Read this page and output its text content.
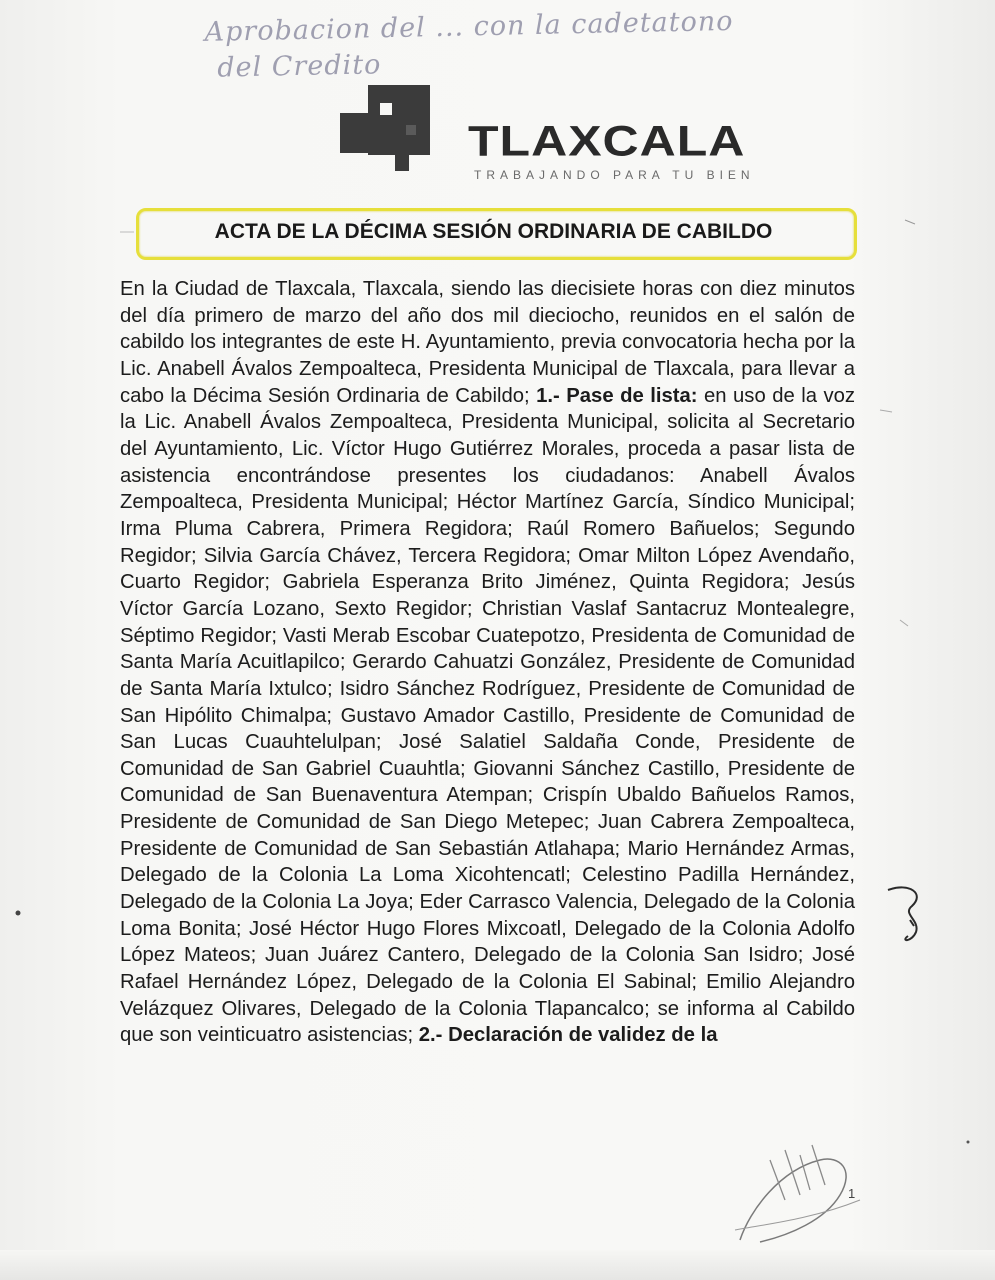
Aprobacion del ... con la cadetatono
del Credito
TLAXCALA
TRABAJANDO PARA TU BIEN
ACTA DE LA DÉCIMA SESIÓN ORDINARIA DE CABILDO
En la Ciudad de Tlaxcala, Tlaxcala, siendo las diecisiete horas con diez minutos del día primero de marzo del año dos mil dieciocho, reunidos en el salón de cabildo los integrantes de este H. Ayuntamiento, previa convocatoria hecha por la Lic. Anabell Ávalos Zempoalteca, Presidenta Municipal de Tlaxcala, para llevar a cabo la Décima Sesión Ordinaria de Cabildo; 1.- Pase de lista: en uso de la voz la Lic. Anabell Ávalos Zempoalteca, Presidenta Municipal, solicita al Secretario del Ayuntamiento, Lic. Víctor Hugo Gutiérrez Morales, proceda a pasar lista de asistencia encontrándose presentes los ciudadanos: Anabell Ávalos Zempoalteca, Presidenta Municipal; Héctor Martínez García, Síndico Municipal; Irma Pluma Cabrera, Primera Regidora; Raúl Romero Bañuelos; Segundo Regidor; Silvia García Chávez, Tercera Regidora; Omar Milton López Avendaño, Cuarto Regidor; Gabriela Esperanza Brito Jiménez, Quinta Regidora; Jesús Víctor García Lozano, Sexto Regidor; Christian Vaslaf Santacruz Montealegre, Séptimo Regidor; Vasti Merab Escobar Cuatepotzo, Presidenta de Comunidad de Santa María Acuitlapilco; Gerardo Cahuatzi González, Presidente de Comunidad de Santa María Ixtulco; Isidro Sánchez Rodríguez, Presidente de Comunidad de San Hipólito Chimalpa; Gustavo Amador Castillo, Presidente de Comunidad de San Lucas Cuauhtelulpan; José Salatiel Saldaña Conde, Presidente de Comunidad de San Gabriel Cuauhtla; Giovanni Sánchez Castillo, Presidente de Comunidad de San Buenaventura Atempan; Crispín Ubaldo Bañuelos Ramos, Presidente de Comunidad de San Diego Metepec; Juan Cabrera Zempoalteca, Presidente de Comunidad de San Sebastián Atlahapa; Mario Hernández Armas, Delegado de la Colonia La Loma Xicohtencatl; Celestino Padilla Hernández, Delegado de la Colonia La Joya; Eder Carrasco Valencia, Delegado de la Colonia Loma Bonita; José Héctor Hugo Flores Mixcoatl, Delegado de la Colonia Adolfo López Mateos; Juan Juárez Cantero, Delegado de la Colonia San Isidro; José Rafael Hernández López, Delegado de la Colonia El Sabinal; Emilio Alejandro Velázquez Olivares, Delegado de la Colonia Tlapancalco; se informa al Cabildo que son veinticuatro asistencias; 2.- Declaración de validez de la
1
